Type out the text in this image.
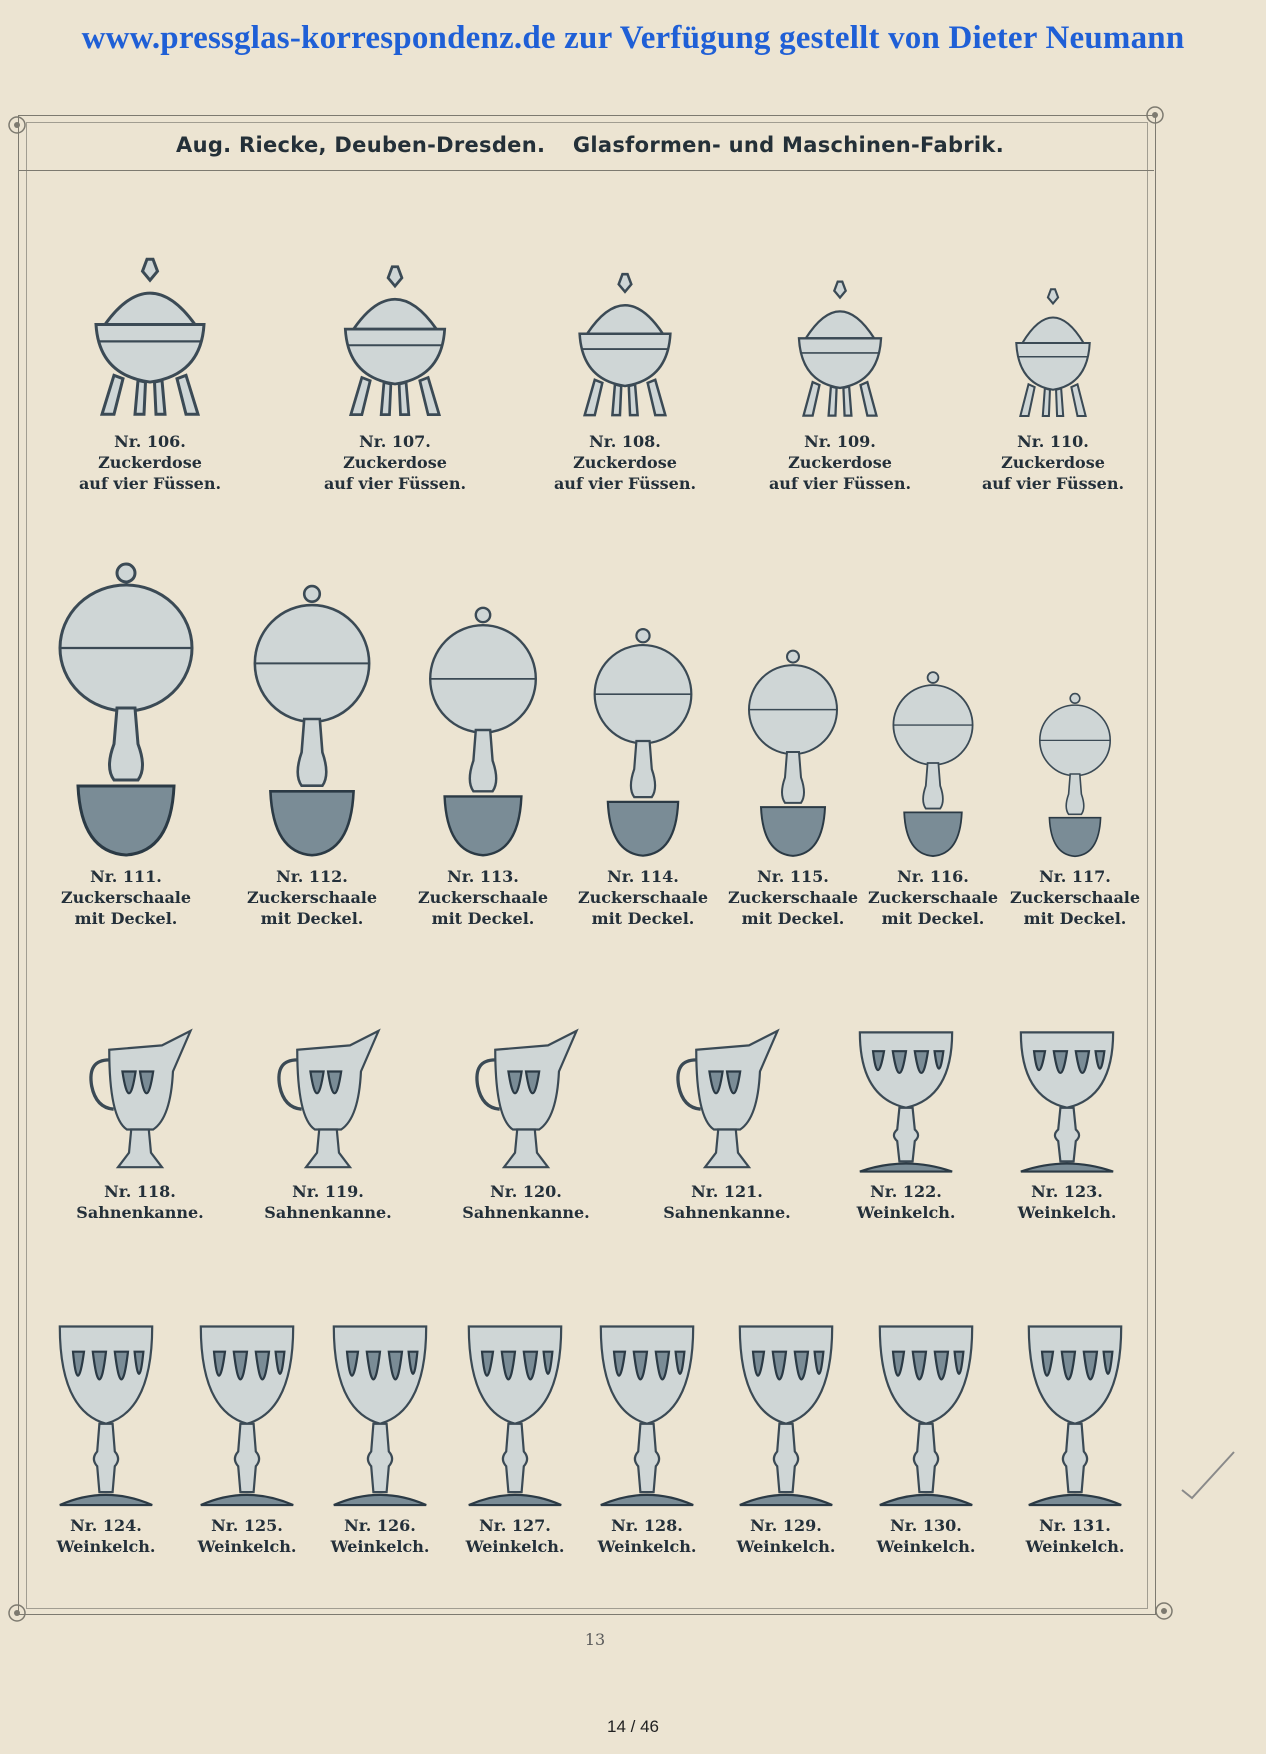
www.pressglas-korrespondenz.de zur Verfügung gestellt von Dieter Neumann
Aug. Riecke, Deuben-Dresden. Glasformen- und Maschinen-Fabrik.
Nr. 106.
Zuckerdose
auf vier Füssen.
Nr. 107.
Zuckerdose
auf vier Füssen.
Nr. 108.
Zuckerdose
auf vier Füssen.
Nr. 109.
Zuckerdose
auf vier Füssen.
Nr. 110.
Zuckerdose
auf vier Füssen.
Nr. 111.
Zuckerschaale
mit Deckel.
Nr. 112.
Zuckerschaale
mit Deckel.
Nr. 113.
Zuckerschaale
mit Deckel.
Nr. 114.
Zuckerschaale
mit Deckel.
Nr. 115.
Zuckerschaale
mit Deckel.
Nr. 116.
Zuckerschaale
mit Deckel.
Nr. 117.
Zuckerschaale
mit Deckel.
Nr. 118.
Sahnenkanne.
Nr. 119.
Sahnenkanne.
Nr. 120.
Sahnenkanne.
Nr. 121.
Sahnenkanne.
Nr. 122.
Weinkelch.
Nr. 123.
Weinkelch.
Nr. 124.
Weinkelch.
Nr. 125.
Weinkelch.
Nr. 126.
Weinkelch.
Nr. 127.
Weinkelch.
Nr. 128.
Weinkelch.
Nr. 129.
Weinkelch.
Nr. 130.
Weinkelch.
Nr. 131.
Weinkelch.
13
14 / 46
